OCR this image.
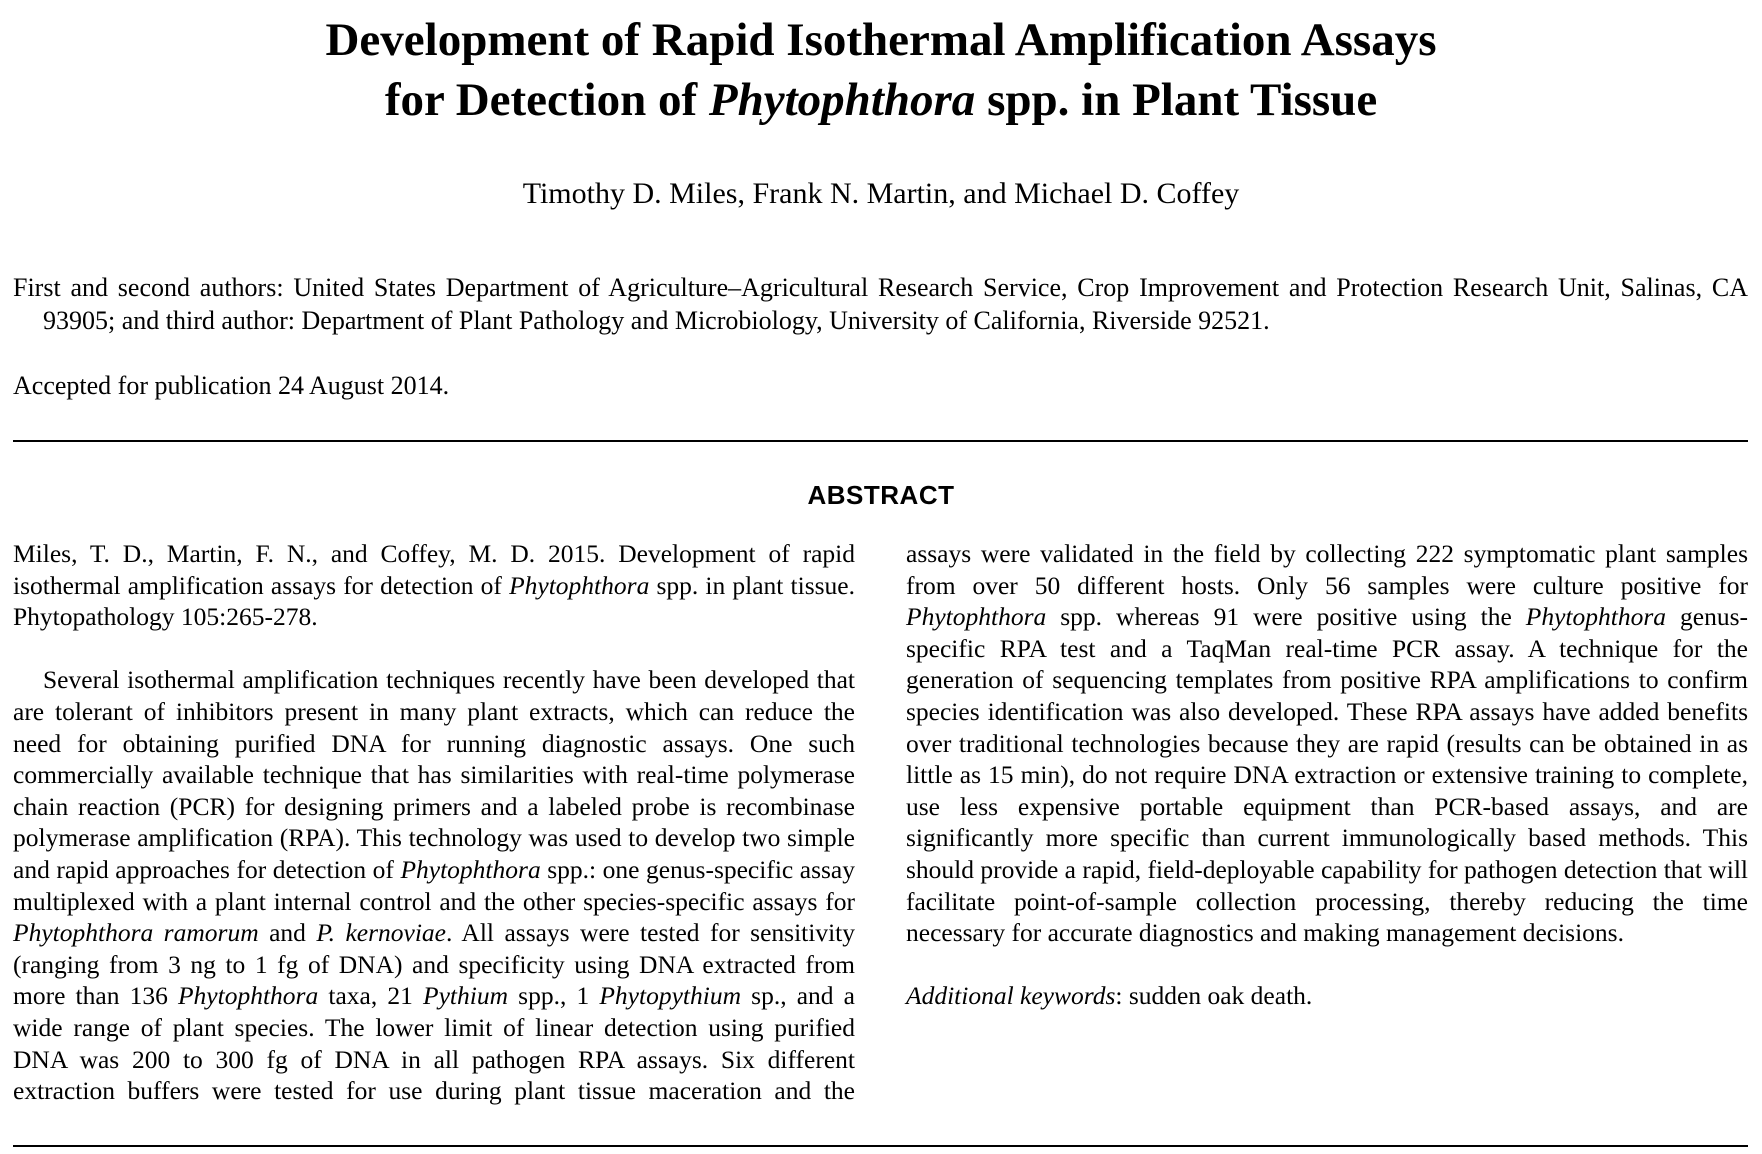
Development of Rapid Isothermal Amplification Assays
for Detection of Phytophthora spp. in Plant Tissue
Timothy D. Miles, Frank N. Martin, and Michael D. Coffey
First and second authors: United States Department of Agriculture–Agricultural Research Service, Crop Improvement and Protection Research Unit, Salinas, CA 93905; and third author: Department of Plant Pathology and Microbiology, University of California, Riverside 92521.
Accepted for publication 24 August 2014.
ABSTRACT

Miles, T. D., Martin, F. N., and Coffey, M. D. 2015. Development of rapid isothermal amplification assays for detection of Phytophthora spp. in plant tissue. Phytopathology 105:265-278.

Several isothermal amplification techniques recently have been developed that are tolerant of inhibitors present in many plant extracts, which can reduce the need for obtaining purified DNA for running diagnostic assays. One such commercially available technique that has similarities with real-time polymerase chain reaction (PCR) for designing primers and a labeled probe is recombinase polymerase amplification (RPA). This technology was used to develop two simple and rapid approaches for detection of Phytophthora spp.: one genus-specific assay multiplexed with a plant internal control and the other species-specific assays for Phytophthora ramorum and P. kernoviae. All assays were tested for sensitivity (ranging from 3 ng to 1 fg of DNA) and specificity using DNA extracted from more than 136 Phytophthora taxa, 21 Pythium spp., 1 Phytopythium sp., and a wide range of plant species. The lower limit of linear detection using purified DNA was 200 to 300 fg of DNA in all pathogen RPA assays. Six different extraction buffers were tested for use during plant tissue maceration and the

assays were validated in the field by collecting 222 symptomatic plant samples from over 50 different hosts. Only 56 samples were culture positive for Phytophthora spp. whereas 91 were positive using the Phytophthora genus-specific RPA test and a TaqMan real-time PCR assay. A technique for the generation of sequencing templates from positive RPA amplifications to confirm species identification was also developed. These RPA assays have added benefits over traditional technologies because they are rapid (results can be obtained in as little as 15 min), do not require DNA extraction or extensive training to complete, use less expensive portable equipment than PCR-based assays, and are significantly more specific than current immunologically based methods. This should provide a rapid, field-deployable capability for pathogen detection that will facilitate point-of-sample collection processing, thereby reducing the time necessary for accurate diagnostics and making management decisions.

Additional keywords: sudden oak death.
